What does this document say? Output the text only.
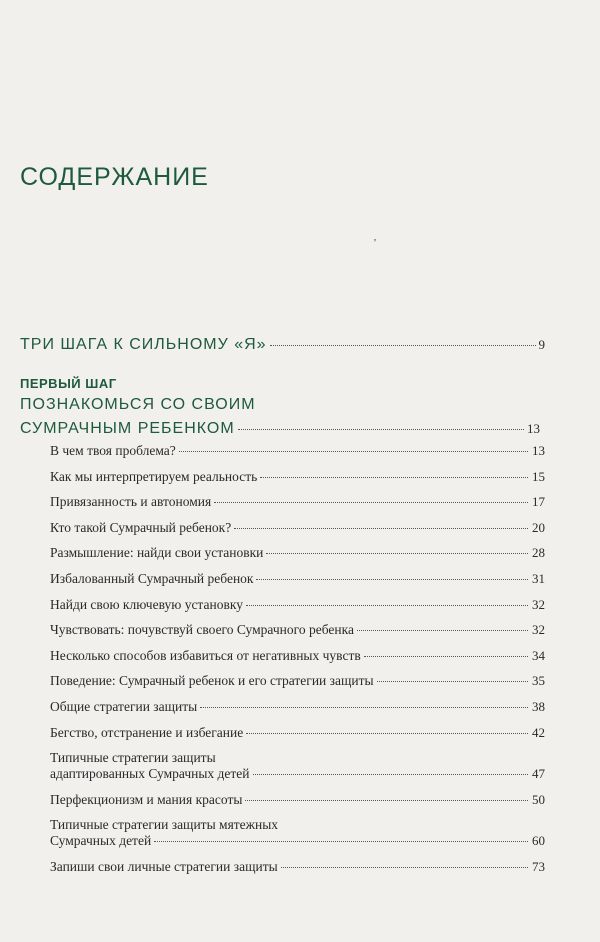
СОДЕРЖАНИЕ
'
ТРИ ШАГА К СИЛЬНОМУ «Я»	9
ПЕРВЫЙ ШАГ
ПОЗНАКОМЬСЯ СО СВОИМ
СУМРАЧНЫМ РЕБЕНКОМ	13
В чем твоя проблема?	13
Как мы интерпретируем реальность	15
Привязанность и автономия	17
Кто такой Сумрачный ребенок?	20
Размышление: найди свои установки	28
Избалованный Сумрачный ребенок	31
Найди свою ключевую установку	32
Чувствовать: почувствуй своего Сумрачного ребенка	32
Несколько способов избавиться от негативных чувств	34
Поведение: Сумрачный ребенок и его стратегии защиты	35
Общие стратегии защиты	38
Бегство, отстранение и избегание	42
Типичные стратегии защиты
адаптированных Сумрачных детей	47
Перфекционизм и мания красоты	50
Типичные стратегии защиты мятежных
Сумрачных детей	60
Запиши свои личные стратегии защиты	73
